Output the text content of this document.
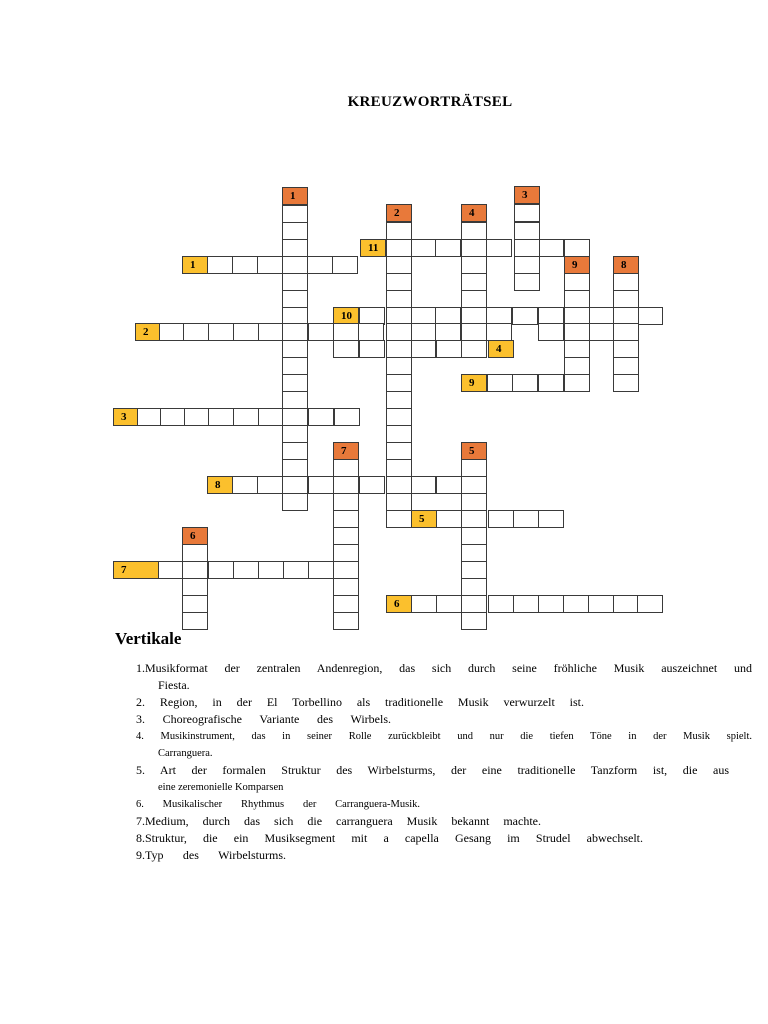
KREUZWORTRÄTSEL
1
11
10
2
4
9
3
8
5
7
6
1
2	4
3
9	8
7	5
6
Vertikale
1.Musikformat der zentralen Andenregion, das sich durch seine fröhliche Musik auszeichnet und
Fiesta.
2. Region, in der El Torbellino als traditionelle Musik verwurzelt ist.
3. Choreografische Variante des Wirbels.
4. Musikinstrument, das in seiner Rolle zurückbleibt und nur die tiefen Töne in der Musik spielt.
Carranguera.
5. Art der formalen Struktur des Wirbelsturms, der eine traditionelle Tanzform ist, die aus
eine zeremonielle Komparsen
6. Musikalischer Rhythmus der Carranguera-Musik.
7.Medium, durch das sich die carranguera Musik bekannt machte.
8.Struktur, die ein Musiksegment mit a capella Gesang im Strudel abwechselt.
9.Typ des Wirbelsturms.
